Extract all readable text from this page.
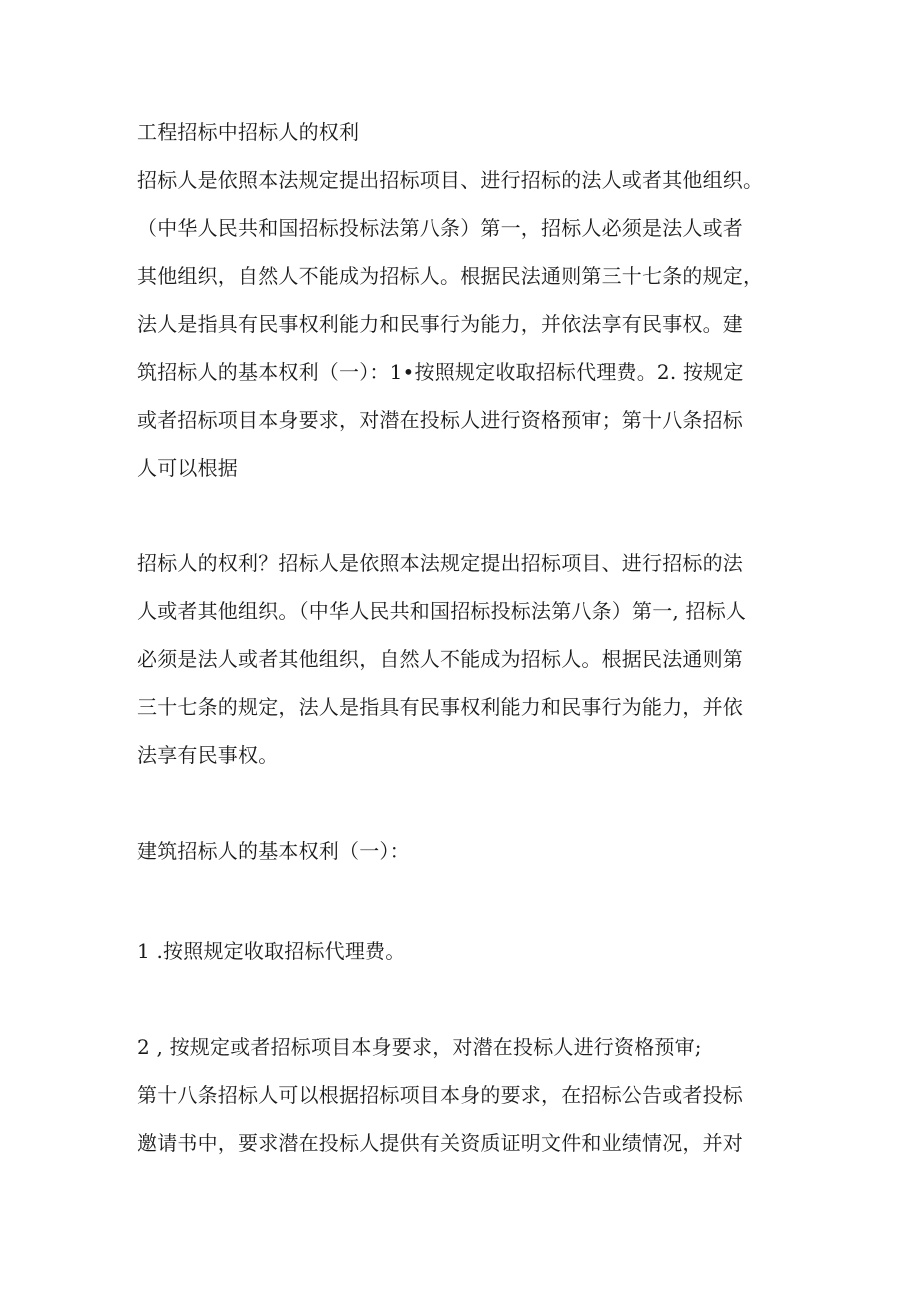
工程招标中招标人的权利
招标人是依照本法规定提出招标项目、进行招标的法人或者其他组织。
（中华人民共和国招标投标法第八条）第一，招标人必须是法人或者
其他组织，自然人不能成为招标人。根据民法通则第三十七条的规定，
法人是指具有民事权利能力和民事行为能力，并依法享有民事权。建
筑招标人的基本权利（一）：1•按照规定收取招标代理费。2. 按规定
或者招标项目本身要求，对潜在投标人进行资格预审；第十八条招标
人可以根据
招标人的权利？招标人是依照本法规定提出招标项目、进行招标的法
人或者其他组织。（中华人民共和国招标投标法第八条）第一, 招标人
必须是法人或者其他组织，自然人不能成为招标人。根据民法通则第
三十七条的规定，法人是指具有民事权利能力和民事行为能力，并依
法享有民事权。
建筑招标人的基本权利（一）：
1 .按照规定收取招标代理费。
2 , 按规定或者招标项目本身要求，对潜在投标人进行资格预审;
第十八条招标人可以根据招标项目本身的要求，在招标公告或者投标
邀请书中，要求潜在投标人提供有关资质证明文件和业绩情况，并对
